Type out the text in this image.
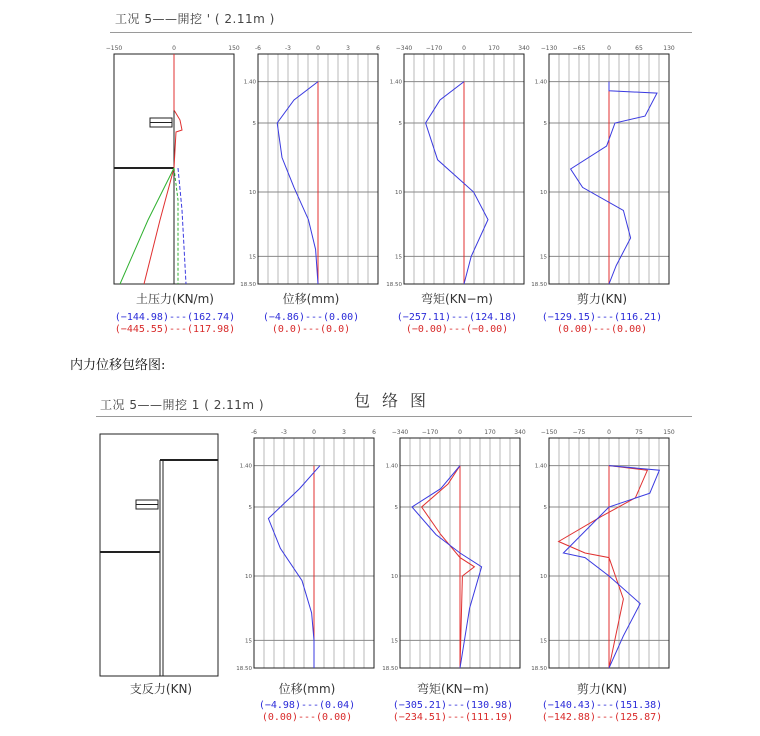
工况 5——開挖 ' ( 2.11m )
−150	0	150
土压力(KN/m)
(−144.98)---(162.74)
(−445.55)---(117.98)
-6	-3	0	3	6
1.40
5
10
15
18.50
位移(mm)
(−4.86)---(0.00)
(0.0)---(0.0)
−340 −170	0	170	340
1.40
5
10
15
18.50
弯矩(KN−m)
(−257.11)---(124.18)
(−0.00)---(−0.00)
−130	−65	0	65	130
1.40
5
10
15
18.50
剪力(KN)
(−129.15)---(116.21)
(0.00)---(0.00)
内力位移包络图:
工况 5——開挖 1 ( 2.11m )	包络图
支反力(KN)
-6	-3	0	3	6
1.40
5
10
15
18.50
位移(mm)
(−4.98)---(0.04)
(0.00)---(0.00)
−340 −170	0	170	340
1.40
5
10
15
18.50
弯矩(KN−m)
(−305.21)---(130.98)
(−234.51)---(111.19)
−150	−75	0	75	150
1.40
5
10
15
18.50
剪力(KN)
(−140.43)---(151.38)
(−142.88)---(125.87)
